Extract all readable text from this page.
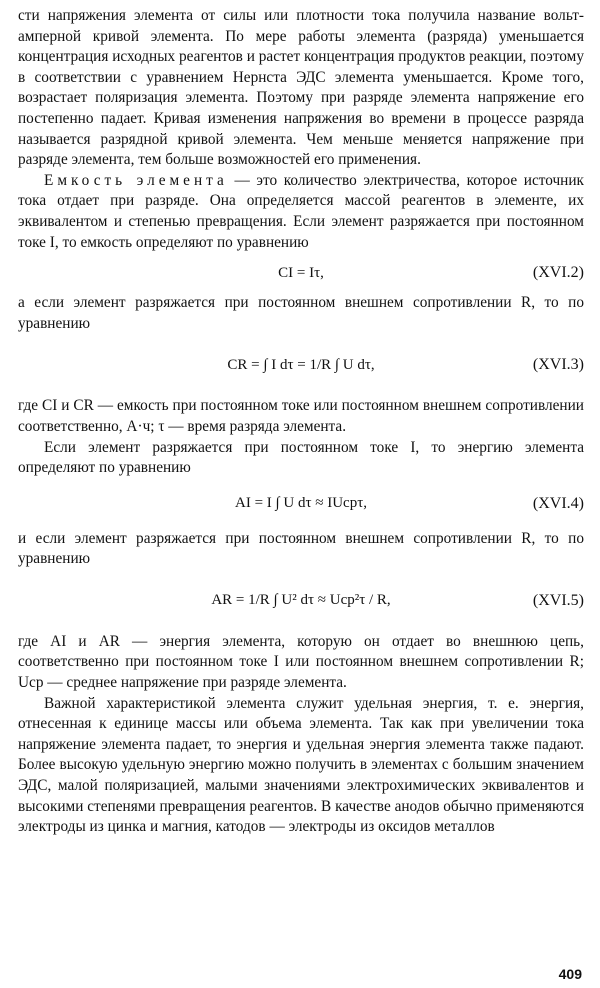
сти напряжения элемента от силы или плотности тока получила название вольт-амперной кривой элемента. По мере работы элемента (разряда) уменьшается концентрация исходных реагентов и растет концентрация продуктов реакции, поэтому в соответствии с уравнением Нернста ЭДС элемента уменьшается. Кроме того, возрастает поляризация элемента. Поэтому при разряде элемента напряжение его постепенно падает. Кривая изменения напряжения во времени в процессе разряда называется разрядной кривой элемента. Чем меньше меняется напряжение при разряде элемента, тем больше возможностей его применения.

Емкость элемента — это количество электричества, которое источник тока отдает при разряде. Она определяется массой реагентов в элементе, их эквивалентом и степенью превращения. Если элемент разряжается при постоянном токе I, то емкость определяют по уравнению

CI = Iτ,	(XVI.2)

а если элемент разряжается при постоянном внешнем сопротивлении R, то по уравнению

CR = ∫ I dτ = 1/R ∫ U dτ,	(XVI.3)

где CI и CR — емкость при постоянном токе или постоянном внешнем сопротивлении соответственно, А·ч; τ — время разряда элемента.

Если элемент разряжается при постоянном токе I, то энергию элемента определяют по уравнению

AI = I ∫ U dτ ≈ IUcpτ,	(XVI.4)

и если элемент разряжается при постоянном внешнем сопротивлении R, то по уравнению

AR = 1/R ∫ U² dτ ≈ Ucp²τ / R,	(XVI.5)

где AI и AR — энергия элемента, которую он отдает во внешнюю цепь, соответственно при постоянном токе I или постоянном внешнем сопротивлении R; Ucp — среднее напряжение при разряде элемента.

Важной характеристикой элемента служит удельная энергия, т. е. энергия, отнесенная к единице массы или объема элемента. Так как при увеличении тока напряжение элемента падает, то энергия и удельная энергия элемента также падают. Более высокую удельную энергию можно получить в элементах с большим значением ЭДС, малой поляризацией, малыми значениями электрохимических эквивалентов и высокими степенями превращения реагентов. В качестве анодов обычно применяются электроды из цинка и магния, катодов — электроды из оксидов металлов

409
